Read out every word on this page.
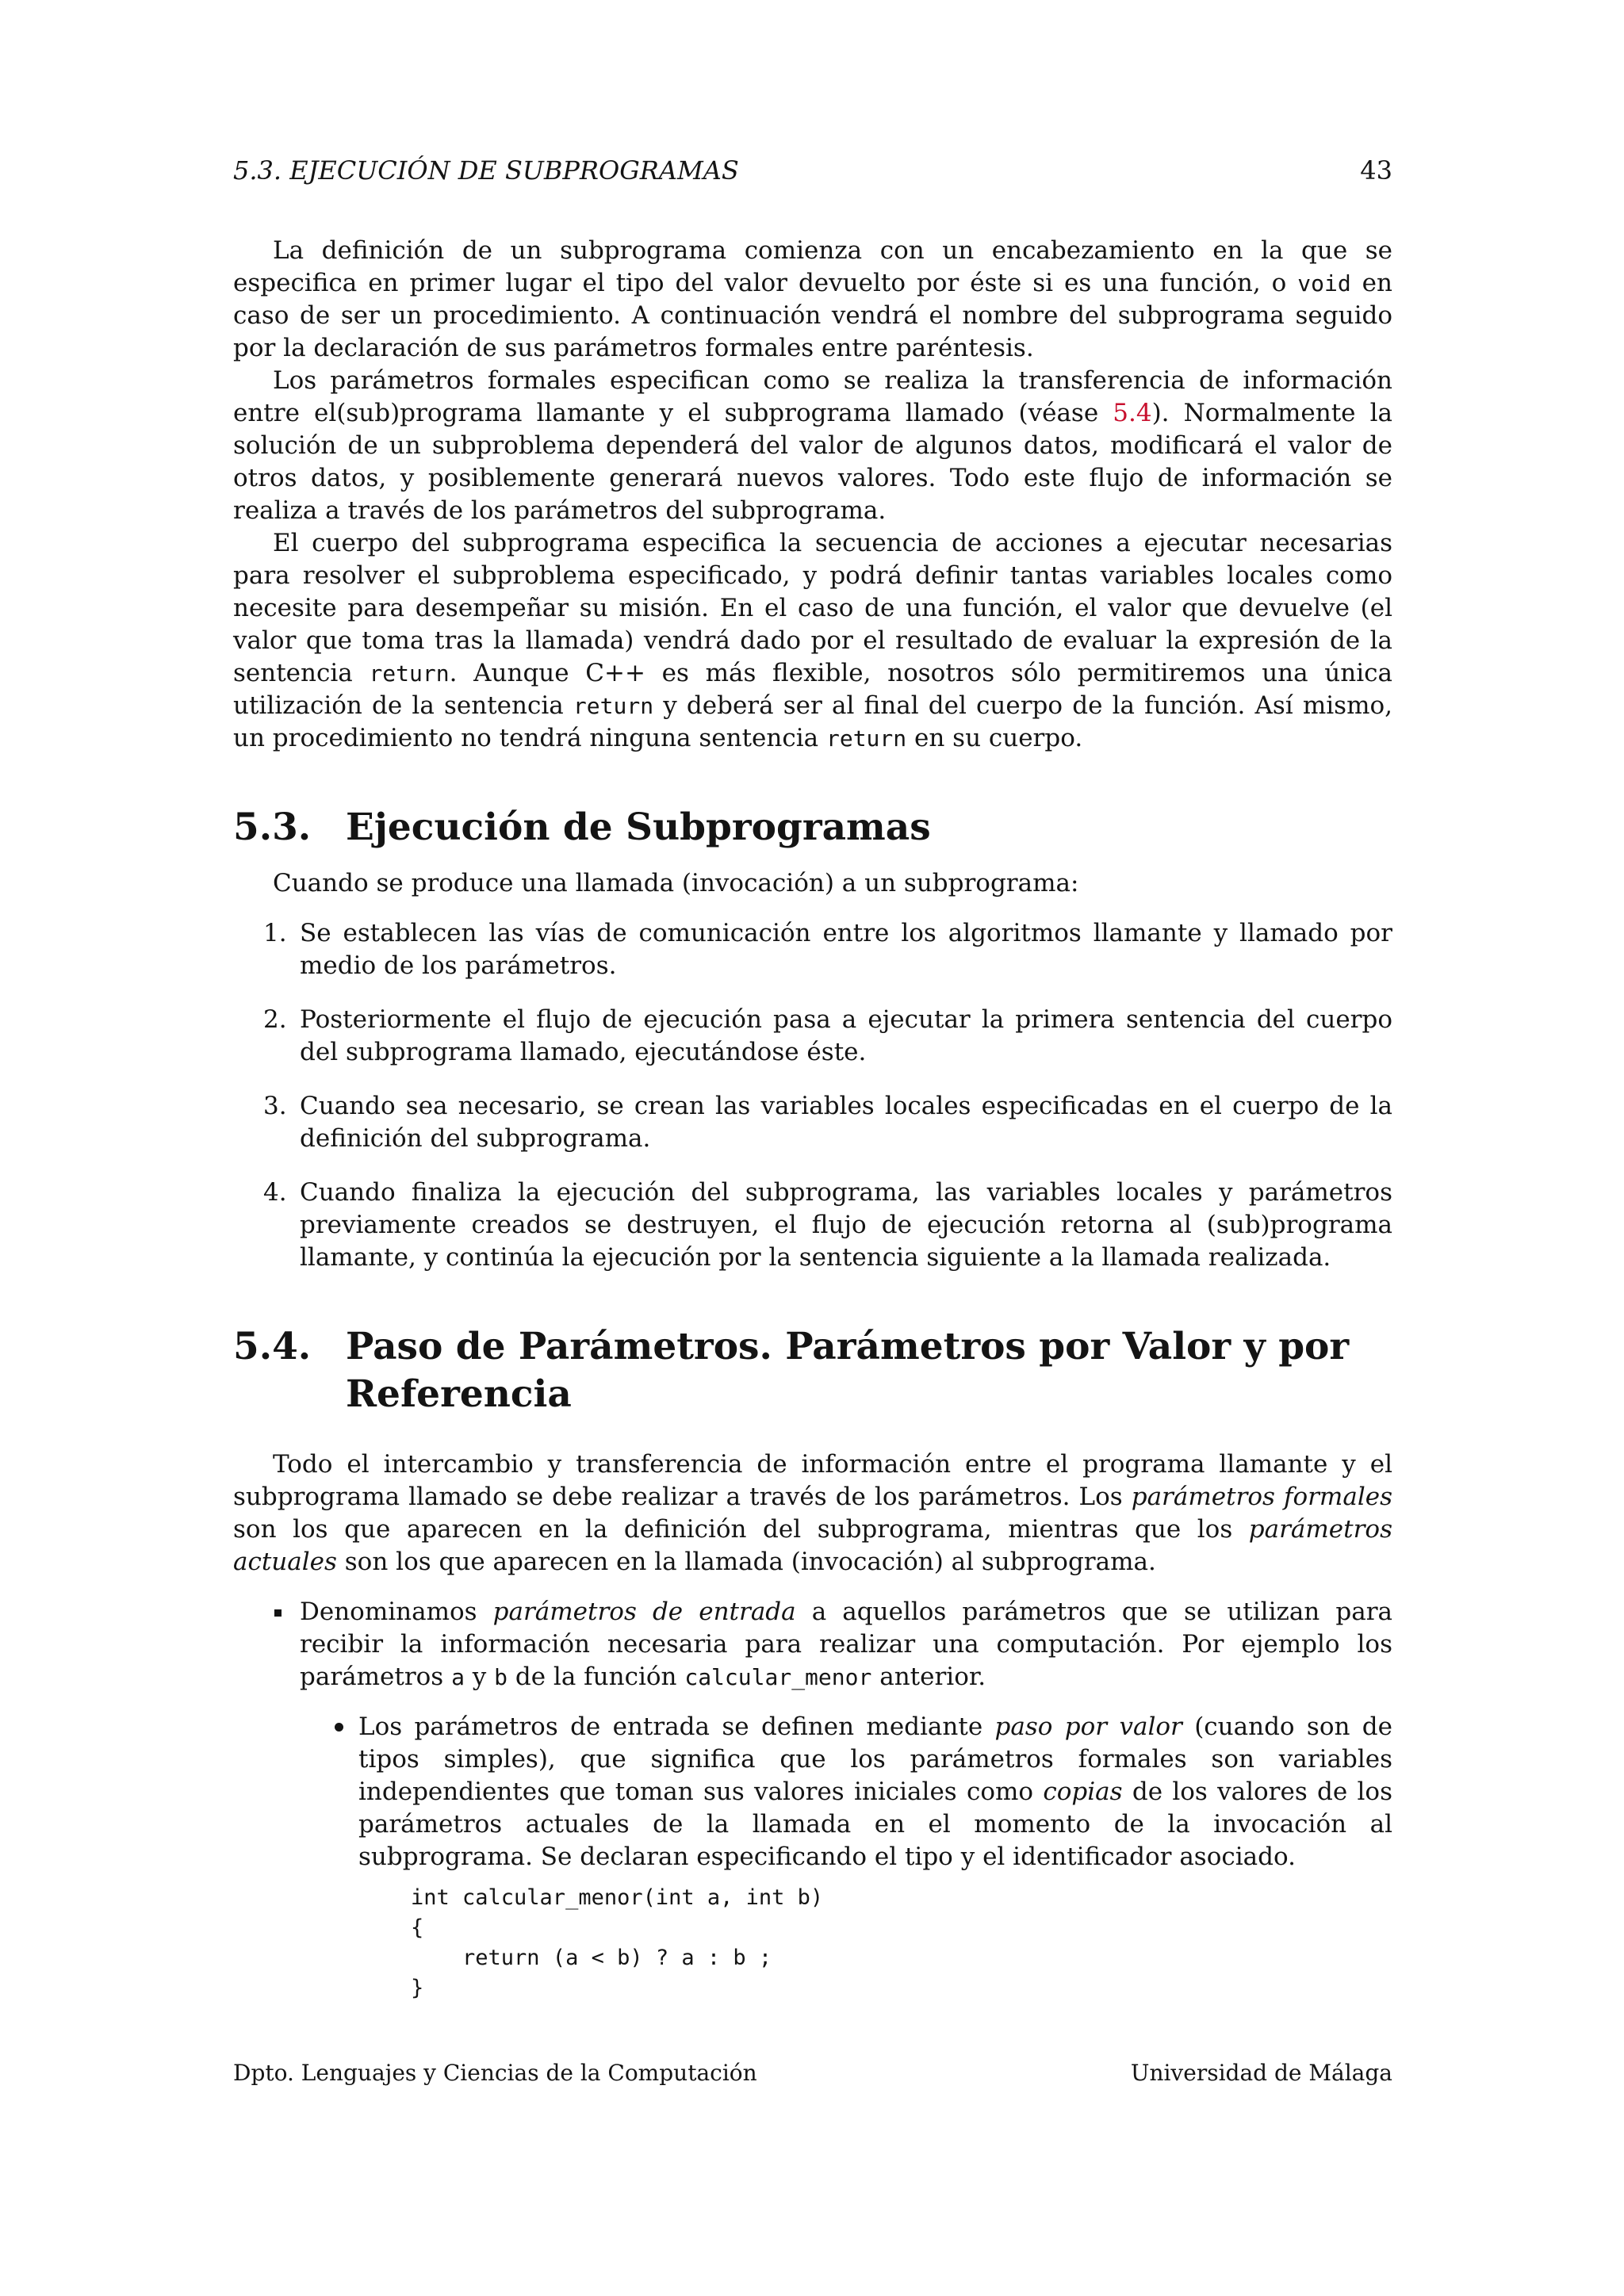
5.3. EJECUCIÓN DE SUBPROGRAMAS	43

La definición de un subprograma comienza con un encabezamiento en la que se especifica en primer lugar el tipo del valor devuelto por éste si es una función, o void en caso de ser un procedimiento. A continuación vendrá el nombre del subprograma seguido por la declaración de sus parámetros formales entre paréntesis.

Los parámetros formales especifican como se realiza la transferencia de información entre el(sub)programa llamante y el subprograma llamado (véase 5.4). Normalmente la solución de un subproblema dependerá del valor de algunos datos, modificará el valor de otros datos, y posiblemente generará nuevos valores. Todo este flujo de información se realiza a través de los parámetros del subprograma.

El cuerpo del subprograma especifica la secuencia de acciones a ejecutar necesarias para resolver el subproblema especificado, y podrá definir tantas variables locales como necesite para desempeñar su misión. En el caso de una función, el valor que devuelve (el valor que toma tras la llamada) vendrá dado por el resultado de evaluar la expresión de la sentencia return. Aunque C++ es más flexible, nosotros sólo permitiremos una única utilización de la sentencia return y deberá ser al final del cuerpo de la función. Así mismo, un procedimiento no tendrá ninguna sentencia return en su cuerpo.

5.3. Ejecución de Subprogramas

Cuando se produce una llamada (invocación) a un subprograma:

1. Se establecen las vías de comunicación entre los algoritmos llamante y llamado por medio de los parámetros.
2. Posteriormente el flujo de ejecución pasa a ejecutar la primera sentencia del cuerpo del subprograma llamado, ejecutándose éste.
3. Cuando sea necesario, se crean las variables locales especificadas en el cuerpo de la definición del subprograma.
4. Cuando finaliza la ejecución del subprograma, las variables locales y parámetros previamente creados se destruyen, el flujo de ejecución retorna al (sub)programa llamante, y continúa la ejecución por la sentencia siguiente a la llamada realizada.
5.4. Paso de Parámetros. Parámetros por Valor y por Referencia

Todo el intercambio y transferencia de información entre el programa llamante y el subprograma llamado se debe realizar a través de los parámetros. Los parámetros formales son los que aparecen en la definición del subprograma, mientras que los parámetros actuales son los que aparecen en la llamada (invocación) al subprograma.

Denominamos parámetros de entrada a aquellos parámetros que se utilizan para recibir la información necesaria para realizar una computación. Por ejemplo los parámetros a y b de la función calcular_menor anterior.
Los parámetros de entrada se definen mediante paso por valor (cuando son de tipos simples), que significa que los parámetros formales son variables independientes que toman sus valores iniciales como copias de los valores de los parámetros actuales de la llamada en el momento de la invocación al subprograma. Se declaran especificando el tipo y el identificador asociado.
int calcular_menor(int a, int b)
{
return (a < b) ? a : b ;
}
Dpto. Lenguajes y Ciencias de la Computación	Universidad de Málaga
